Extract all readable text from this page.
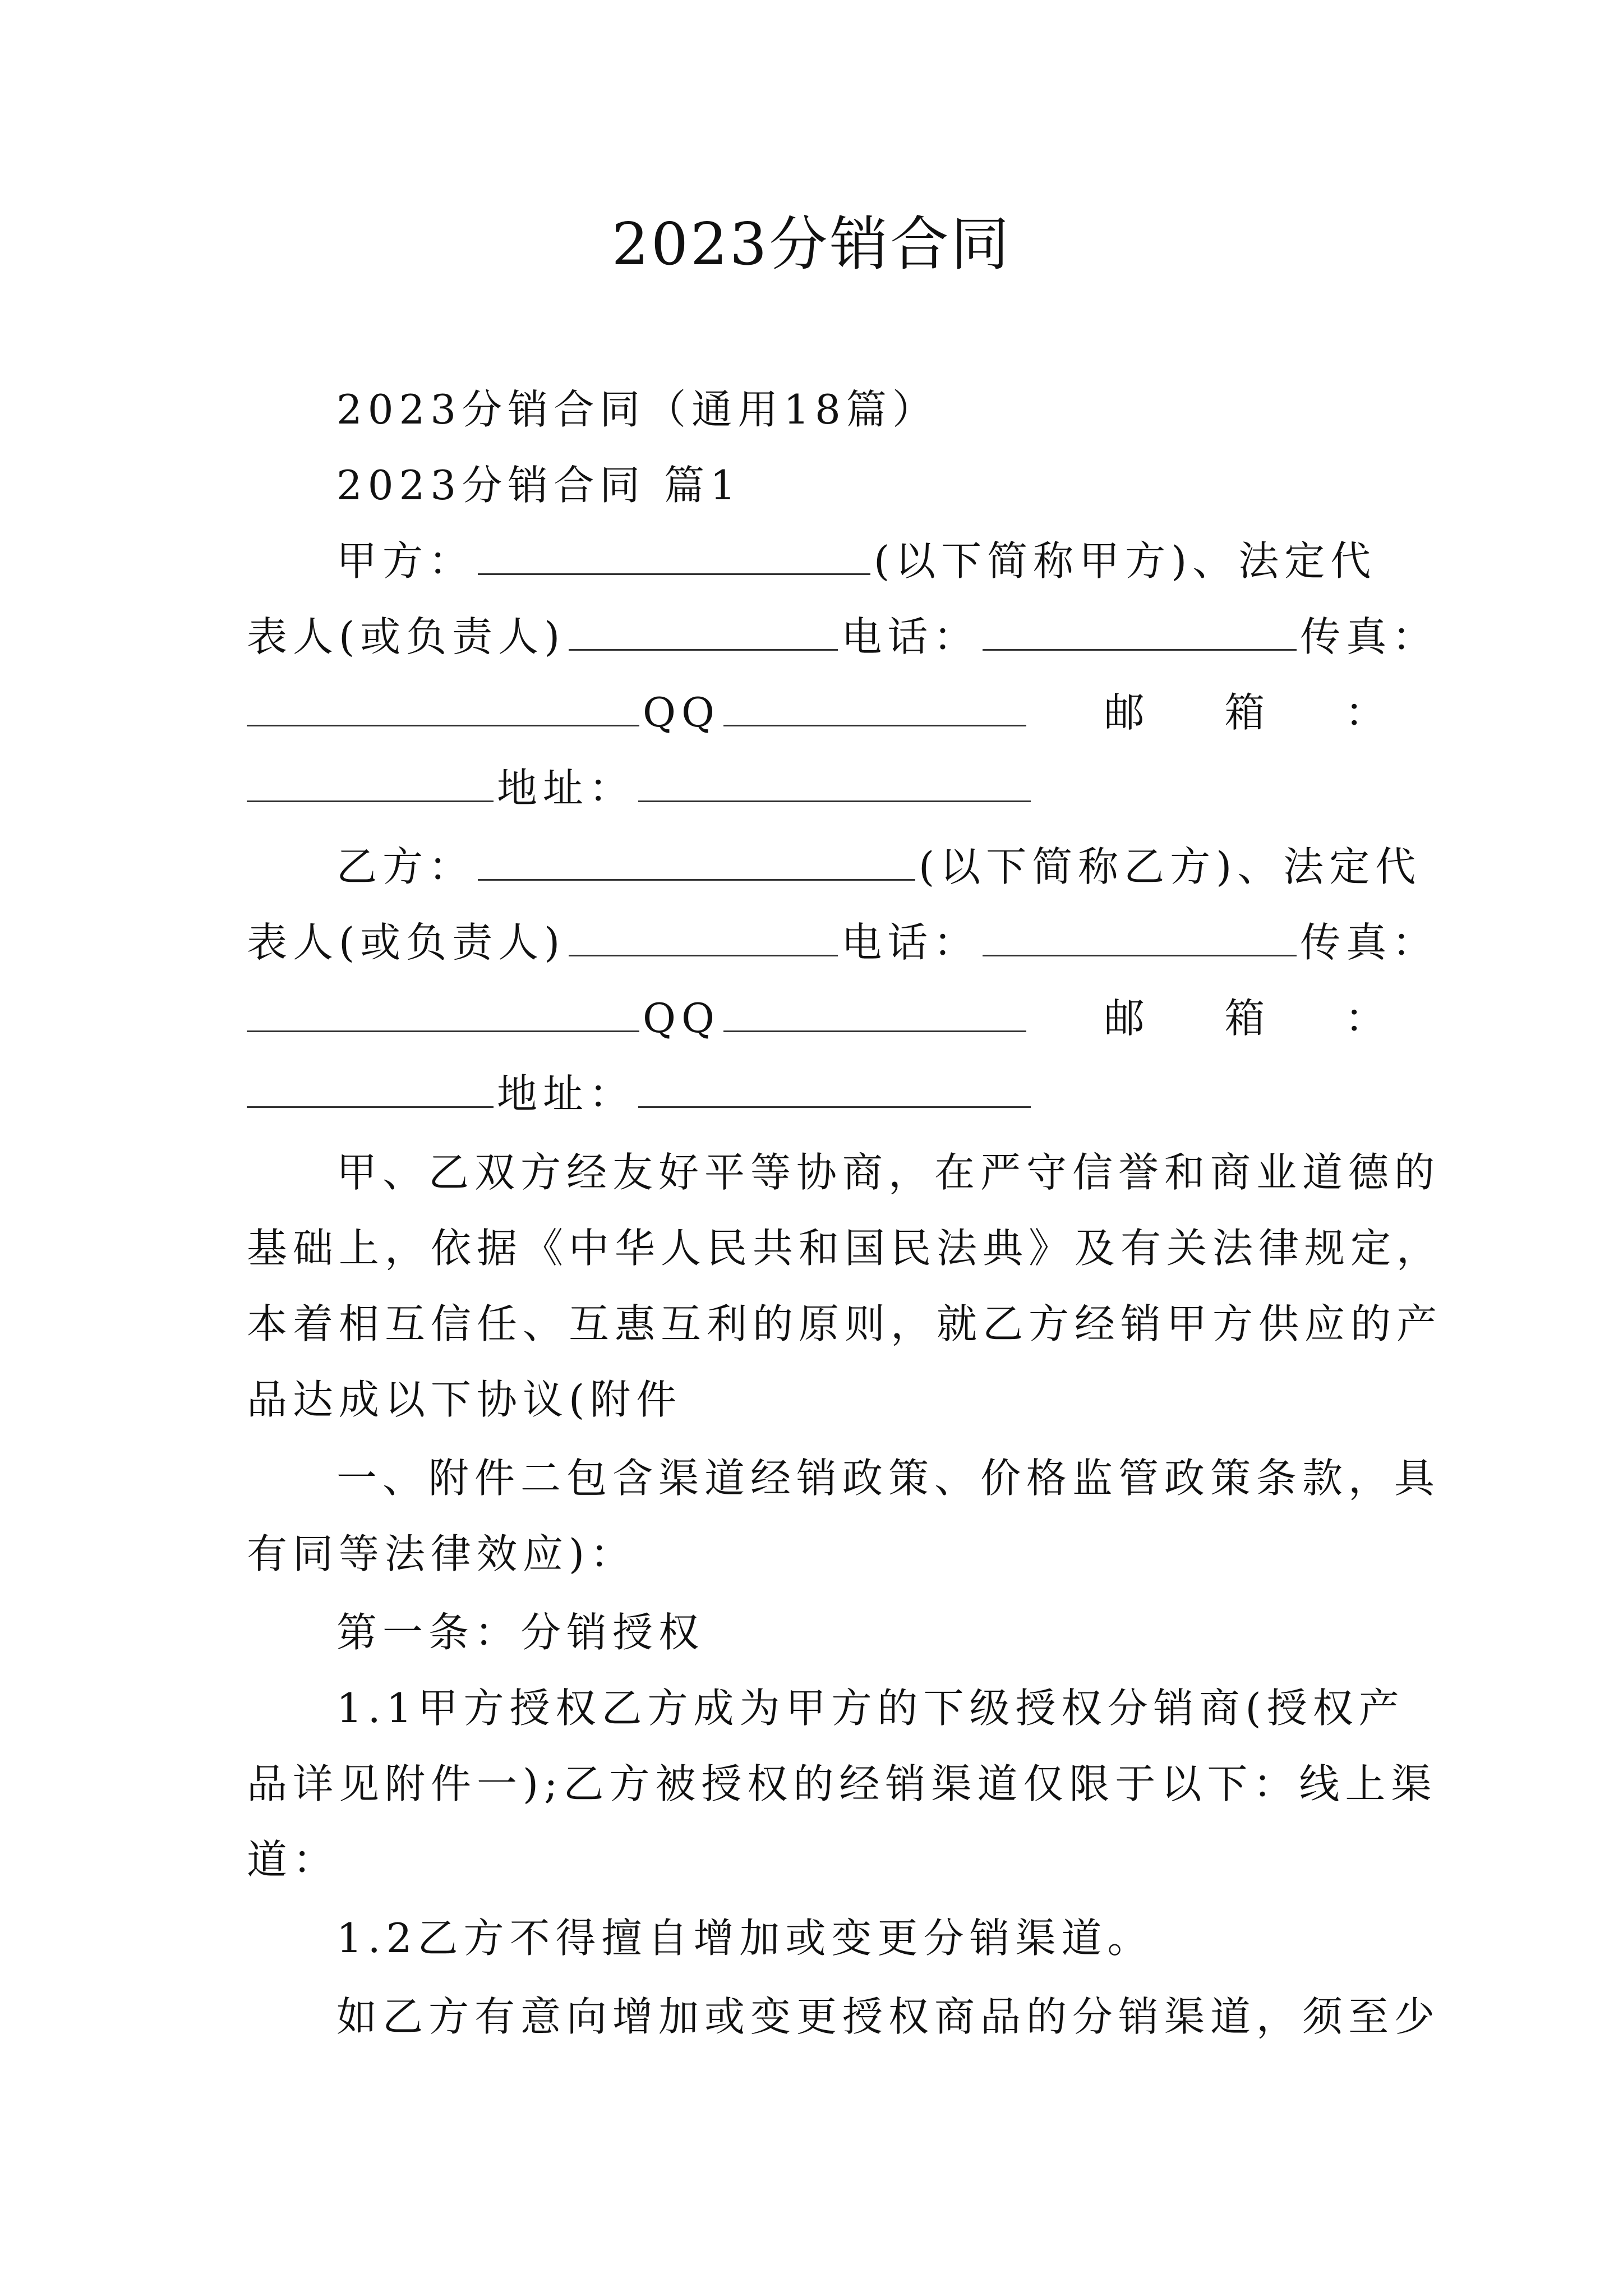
2023分销合同
2023分销合同（通用18篇）
2023分销合同 篇1
甲方：	(以下简称甲方)、法定代
表人(或负责人)	电话：	传真：
QQ	邮 箱 ：
地址：
乙方：	(以下简称乙方)、法定代
表人(或负责人)	电话：	传真：
QQ	邮 箱 ：
地址：
甲、乙双方经友好平等协商，在严守信誉和商业道德的
基础上，依据《中华人民共和国民法典》及有关法律规定，
本着相互信任、互惠互利的原则，就乙方经销甲方供应的产
品达成以下协议(附件
一、附件二包含渠道经销政策、价格监管政策条款，具
有同等法律效应)：
第一条：分销授权
1.1甲方授权乙方成为甲方的下级授权分销商(授权产
品详见附件一);乙方被授权的经销渠道仅限于以下：线上渠
道：
1.2乙方不得擅自增加或变更分销渠道。
如乙方有意向增加或变更授权商品的分销渠道，须至少
